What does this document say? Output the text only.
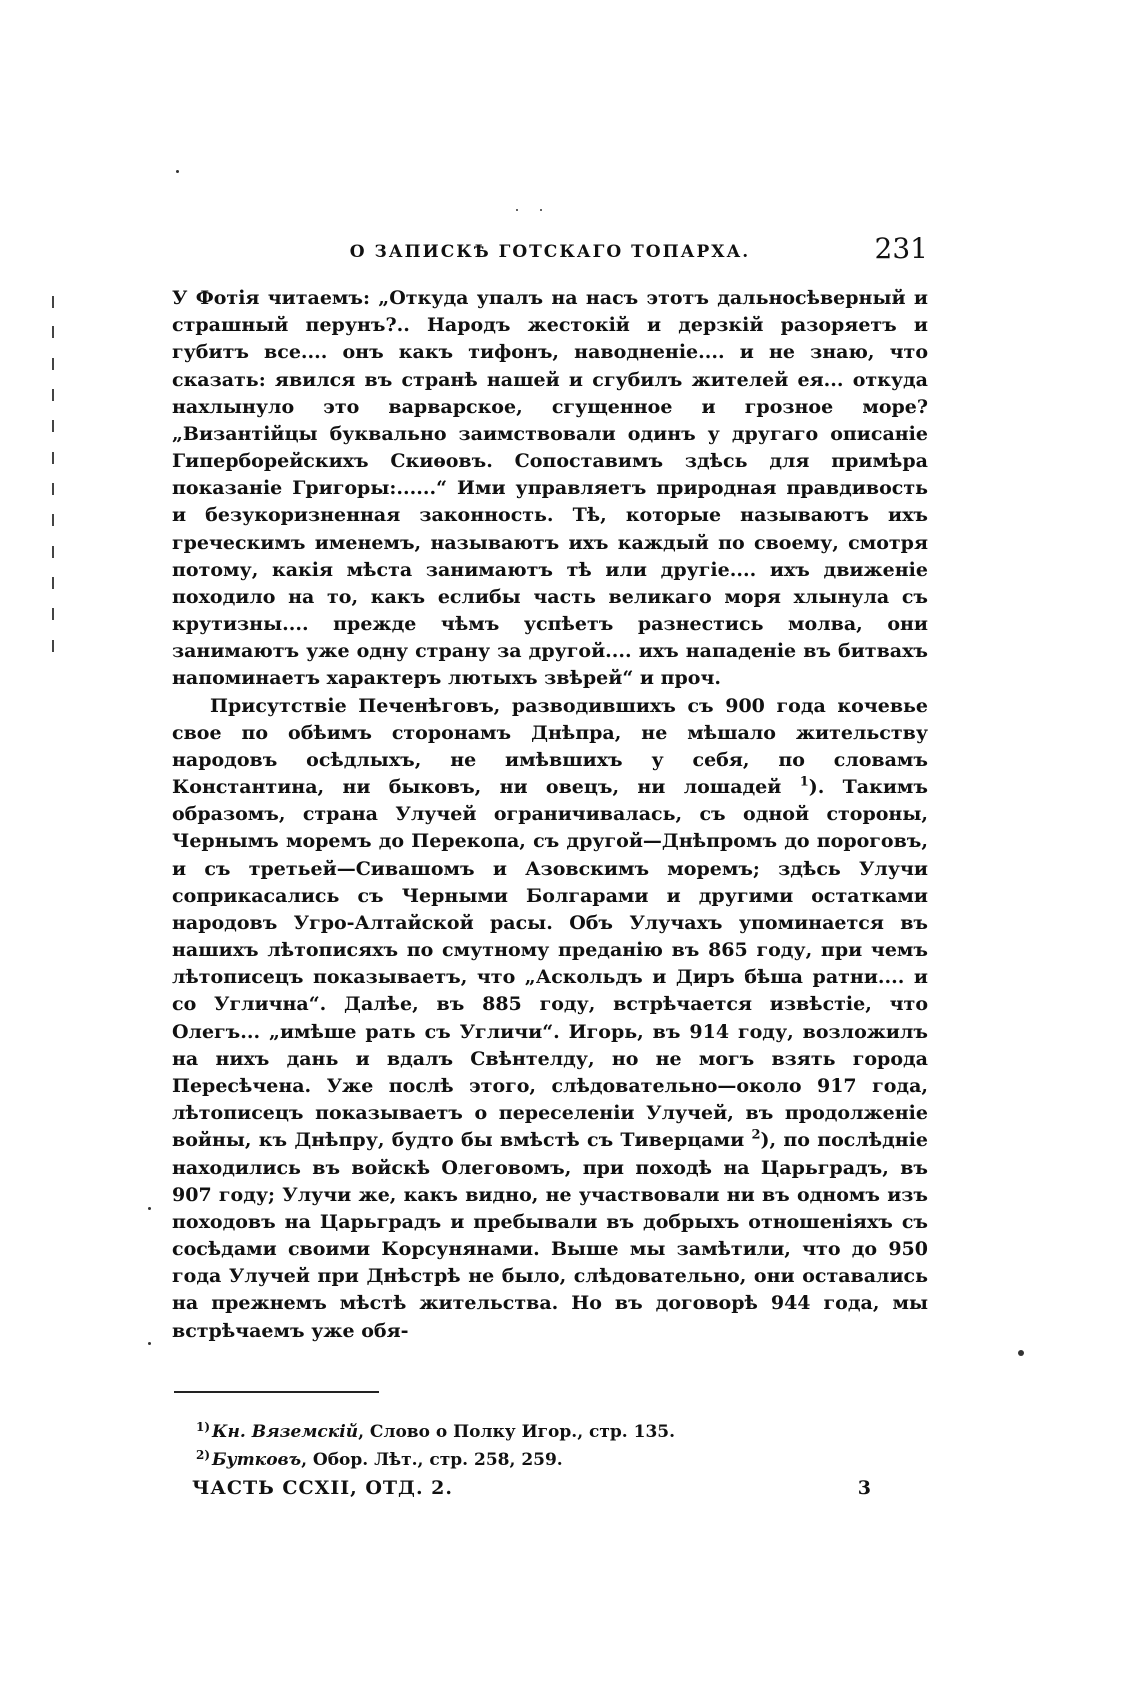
О ЗАПИСКѢ ГОТСКАГО ТОПАРХА.	231

У Фотія читаемъ: „Откуда упалъ на насъ этотъ дальносѣверный и страшный перунъ?.. Народъ жестокій и дерзкій разоряетъ и губитъ все.... онъ какъ тифонъ, наводненіе.... и не знаю, что сказать: явился въ странѣ нашей и сгубилъ жителей ея... откуда нахлынуло это варварское, сгущенное и грозное море? „Византійцы буквально заимствовали одинъ у другаго описаніе Гиперборейскихъ Скиѳовъ. Сопоставимъ здѣсь для примѣра показаніе Григоры:......“ Ими управляетъ природная правдивость и безукоризненная законность. Тѣ, которые называютъ ихъ греческимъ именемъ, называютъ ихъ каждый по своему, смотря потому, какія мѣста занимаютъ тѣ или другіе.... ихъ движеніе походило на то, какъ еслибы часть великаго моря хлынула съ крутизны.... прежде чѣмъ успѣетъ разнестись молва, они занимаютъ уже одну страну за другой.... ихъ нападеніе въ битвахъ напоминаетъ характеръ лютыхъ звѣрей“ и проч.

Присутствіе Печенѣговъ, разводившихъ съ 900 года кочевье свое по обѣимъ сторонамъ Днѣпра, не мѣшало жительству народовъ осѣдлыхъ, не имѣвшихъ у себя, по словамъ Константина, ни быковъ, ни овецъ, ни лошадей $^1$). Такимъ образомъ, страна Улучей ограничивалась, съ одной стороны, Чернымъ моремъ до Перекопа, съ другой—Днѣпромъ до пороговъ, и съ третьей—Сивашомъ и Азовскимъ моремъ; здѣсь Улучи соприкасались съ Черными Болгарами и другими остатками народовъ Угро-Алтайской расы. Объ Улучахъ упоминается въ нашихъ лѣтописяхъ по смутному преданію въ 865 году, при чемъ лѣтописецъ показываетъ, что „Аскольдъ и Диръ бѣша ратни.... и со Углична“. Далѣе, въ 885 году, встрѣчается извѣстіе, что Олегъ... „имѣше рать съ Угличи“. Игорь, въ 914 году, возложилъ на нихъ дань и вдалъ Свѣнтелду, но не могъ взять города Пересѣчена. Уже послѣ этого, слѣдовательно—около 917 года, лѣтописецъ показываетъ о переселеніи Улучей, въ продолженіе войны, къ Днѣпру, будто бы вмѣстѣ съ Тиверцами $^2$), по послѣдніе находились въ войскѣ Олеговомъ, при походѣ на Царьградъ, въ 907 году; Улучи же, какъ видно, не участвовали ни въ одномъ изъ походовъ на Царьградъ и пребывали въ добрыхъ отношеніяхъ съ сосѣдами своими Корсунянами. Выше мы замѣтили, что до 950 года Улучей при Днѣстрѣ не было, слѣдовательно, они оставались на прежнемъ мѣстѣ жительства. Но въ договорѣ 944 года, мы встрѣчаемъ уже обя-

1) Кн. Вяземскій, Слово о Полку Игор., стр. 135.
2) Бутковъ, Обор. Лѣт., стр. 258, 259.
ЧАСТЬ CCXII, ОТД. 2.	3
